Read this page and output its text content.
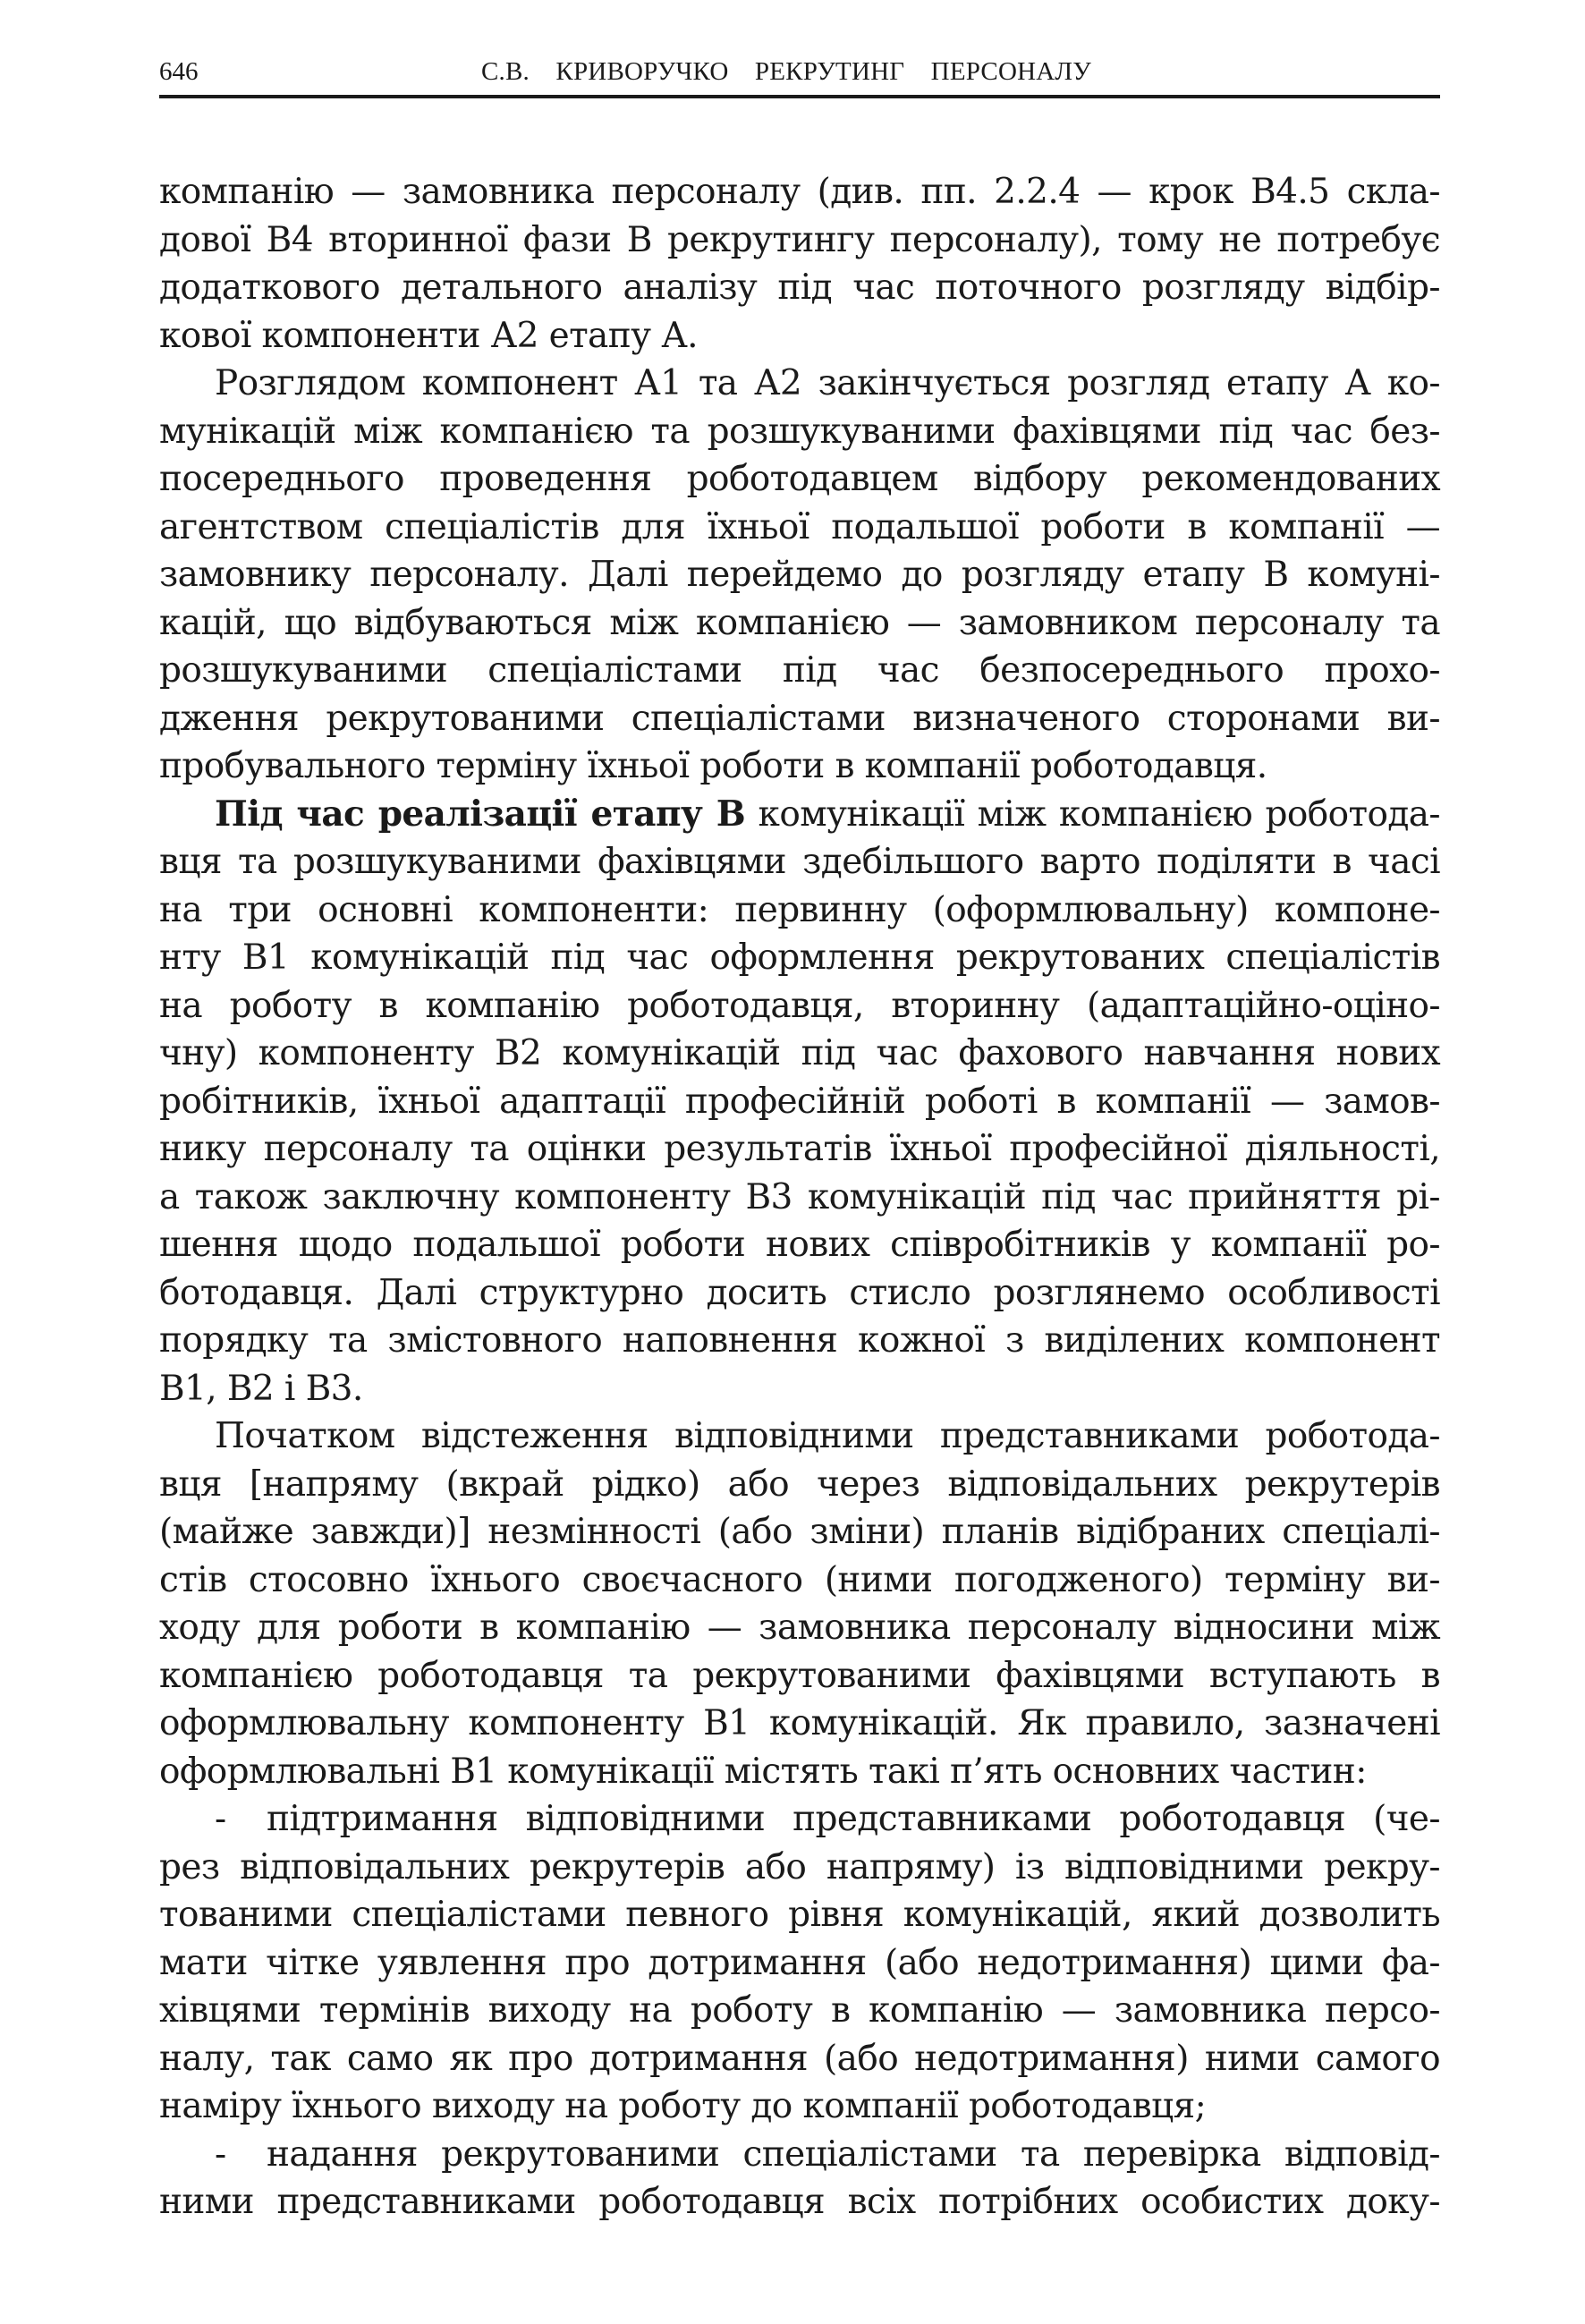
646	С.В. КРИВОРУЧКО РЕКРУТИНГ ПЕРСОНАЛУ
компанію — замовника персоналу (див. пп. 2.2.4 — крок В4.5 скла-
дової В4 вторинної фази В рекрутингу персоналу), тому не потребує
додаткового детального аналізу під час поточного розгляду відбір-
кової компоненти А2 етапу А.
Розглядом компонент А1 та А2 закінчується розгляд етапу А ко-
мунікацій між компанією та розшукуваними фахівцями під час без-
посереднього проведення роботодавцем відбору рекомендованих
агентством спеціалістів для їхньої подальшої роботи в компанії —
замовнику персоналу. Далі перейдемо до розгляду етапу В комуні-
кацій, що відбуваються між компанією — замовником персоналу та
розшукуваними спеціалістами під час безпосереднього прохо-
дження рекрутованими спеціалістами визначеного сторонами ви-
пробувального терміну їхньої роботи в компанії роботодавця.
Під час реалізації етапу В комунікації між компанією роботода-
вця та розшукуваними фахівцями здебільшого варто поділяти в часі
на три основні компоненти: первинну (оформлювальну) компоне-
нту В1 комунікацій під час оформлення рекрутованих спеціалістів
на роботу в компанію роботодавця, вторинну (адаптаційно-оціно-
чну) компоненту В2 комунікацій під час фахового навчання нових
робітників, їхньої адаптації професійній роботі в компанії — замов-
нику персоналу та оцінки результатів їхньої професійної діяльності,
а також заключну компоненту В3 комунікацій під час прийняття рі-
шення щодо подальшої роботи нових співробітників у компанії ро-
ботодавця. Далі структурно досить стисло розглянемо особливості
порядку та змістовного наповнення кожної з виділених компонент
В1, В2 і В3.
Початком відстеження відповідними представниками роботода-
вця [напряму (вкрай рідко) або через відповідальних рекрутерів
(майже завжди)] незмінності (або зміни) планів відібраних спеціалі-
стів стосовно їхнього своєчасного (ними погодженого) терміну ви-
ходу для роботи в компанію — замовника персоналу відносини між
компанією роботодавця та рекрутованими фахівцями вступають в
оформлювальну компоненту В1 комунікацій. Як правило, зазначені
оформлювальні В1 комунікації містять такі п’ять основних частин:
- підтримання відповідними представниками роботодавця (че-
рез відповідальних рекрутерів або напряму) із відповідними рекру-
тованими спеціалістами певного рівня комунікацій, який дозволить
мати чітке уявлення про дотримання (або недотримання) цими фа-
хівцями термінів виходу на роботу в компанію — замовника персо-
налу, так само як про дотримання (або недотримання) ними самого
наміру їхнього виходу на роботу до компанії роботодавця;
- надання рекрутованими спеціалістами та перевірка відповід-
ними представниками роботодавця всіх потрібних особистих доку-
